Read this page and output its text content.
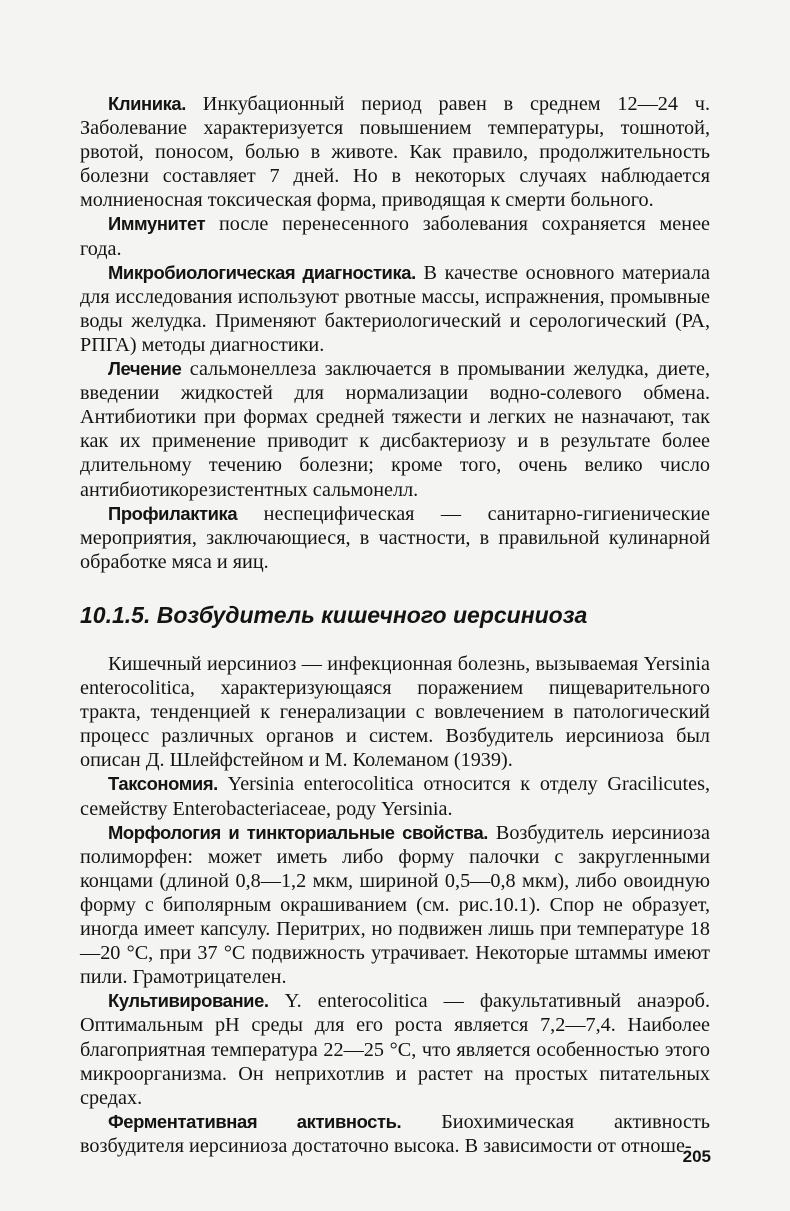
Клиника. Инкубационный период равен в среднем 12—24 ч. Заболевание характеризуется повышением температуры, тошнотой, рвотой, поносом, болью в животе. Как правило, продолжительность болезни составляет 7 дней. Но в некоторых случаях наблюдается молниеносная токсическая форма, приводящая к смерти больного.

Иммунитет после перенесенного заболевания сохраняется менее года.

Микробиологическая диагностика. В качестве основного материала для исследования используют рвотные массы, испражнения, промывные воды желудка. Применяют бактериологический и серологический (РА, РПГА) методы диагностики.

Лечение сальмонеллеза заключается в промывании желудка, диете, введении жидкостей для нормализации водно-солевого обмена. Антибиотики при формах средней тяжести и легких не назначают, так как их применение приводит к дисбактериозу и в результате более длительному течению болезни; кроме того, очень велико число антибиотикорезистентных сальмонелл.

Профилактика неспецифическая — санитарно-гигиенические мероприятия, заключающиеся, в частности, в правильной кулинарной обработке мяса и яиц.

10.1.5. Возбудитель кишечного иерсиниоза

Кишечный иерсиниоз — инфекционная болезнь, вызываемая Yersinia enterocolitica, характеризующаяся поражением пищеварительного тракта, тенденцией к генерализации с вовлечением в патологический процесс различных органов и систем. Возбудитель иерсиниоза был описан Д. Шлейфстейном и М. Колеманом (1939).

Таксономия. Yersinia enterocolitica относится к отделу Gracilicutes, семейству Enterobacteriaceae, роду Yersinia.

Морфология и тинкториальные свойства. Возбудитель иерсиниоза полиморфен: может иметь либо форму палочки с закругленными концами (длиной 0,8—1,2 мкм, шириной 0,5—0,8 мкм), либо овоидную форму с биполярным окрашиванием (см. рис.10.1). Спор не образует, иногда имеет капсулу. Перитрих, но подвижен лишь при температуре 18—20 °С, при 37 °С подвижность утрачивает. Некоторые штаммы имеют пили. Грамотрицателен.

Культивирование. Y. enterocolitica — факультативный анаэроб. Оптимальным pH среды для его роста является 7,2—7,4. Наиболее благоприятная температура 22—25 °С, что является особенностью этого микроорганизма. Он неприхотлив и растет на простых питательных средах.

Ферментативная активность. Биохимическая активность возбудителя иерсиниоза достаточно высока. В зависимости от отноше-

205
